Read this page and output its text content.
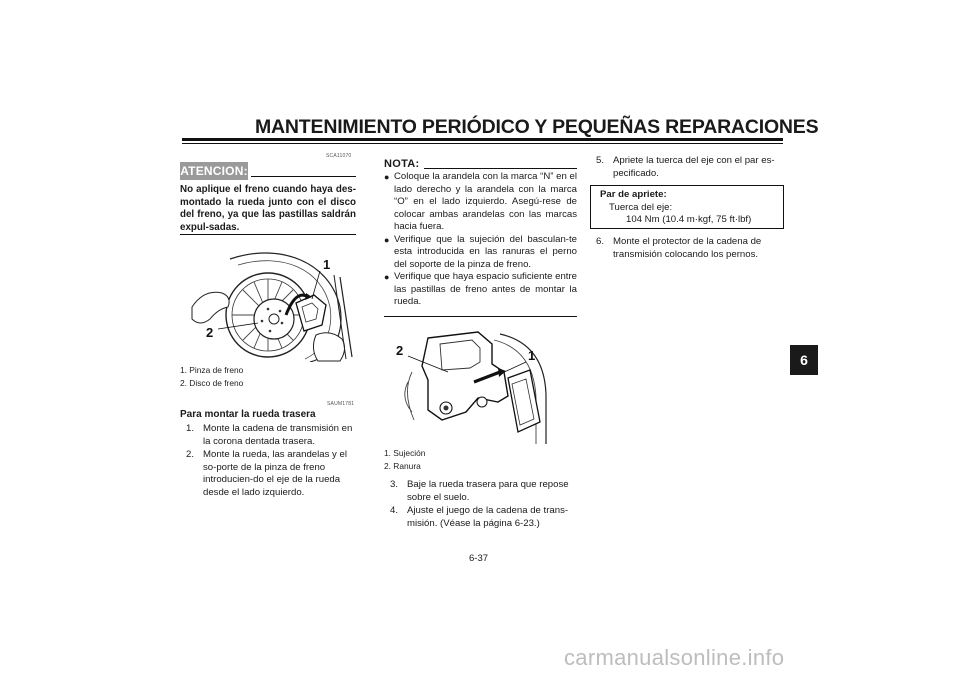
MANTENIMIENTO PERIÓDICO Y PEQUEÑAS REPARACIONES
6
ATENCION:
SCA11070
No aplique el freno cuando haya des-montado la rueda junto con el disco del freno, ya que las pastillas saldrán expul-sadas.
1
2
1. Pinza de freno
2. Disco de freno
SAUM1781
Para montar la rueda trasera
1. Monte la cadena de transmisión en la corona dentada trasera.
2. Monte la rueda, las arandelas y el so-porte de la pinza de freno introducien-do el eje de la rueda desde el lado izquierdo.
NOTA:
● Coloque la arandela con la marca “N” en el lado derecho y la arandela con la marca “O” en el lado izquierdo. Asegú-rese de colocar ambas arandelas con las marcas hacia fuera.
● Verifique que la sujeción del basculan-te esta introducida en las ranuras el perno del soporte de la pinza de freno.
● Verifique que haya espacio suficiente entre las pastillas de freno antes de montar la rueda.
2	1
1. Sujeción
2. Ranura
3. Baje la rueda trasera para que repose sobre el suelo.
4. Ajuste el juego de la cadena de trans-misión. (Véase la página 6-23.)
5. Apriete la tuerca del eje con el par es-pecificado.
Par de apriete:
Tuerca del eje:
104 Nm (10.4 m·kgf, 75 ft·lbf)
6. Monte el protector de la cadena de transmisión colocando los pernos.
6-37
carmanualsonline.info
